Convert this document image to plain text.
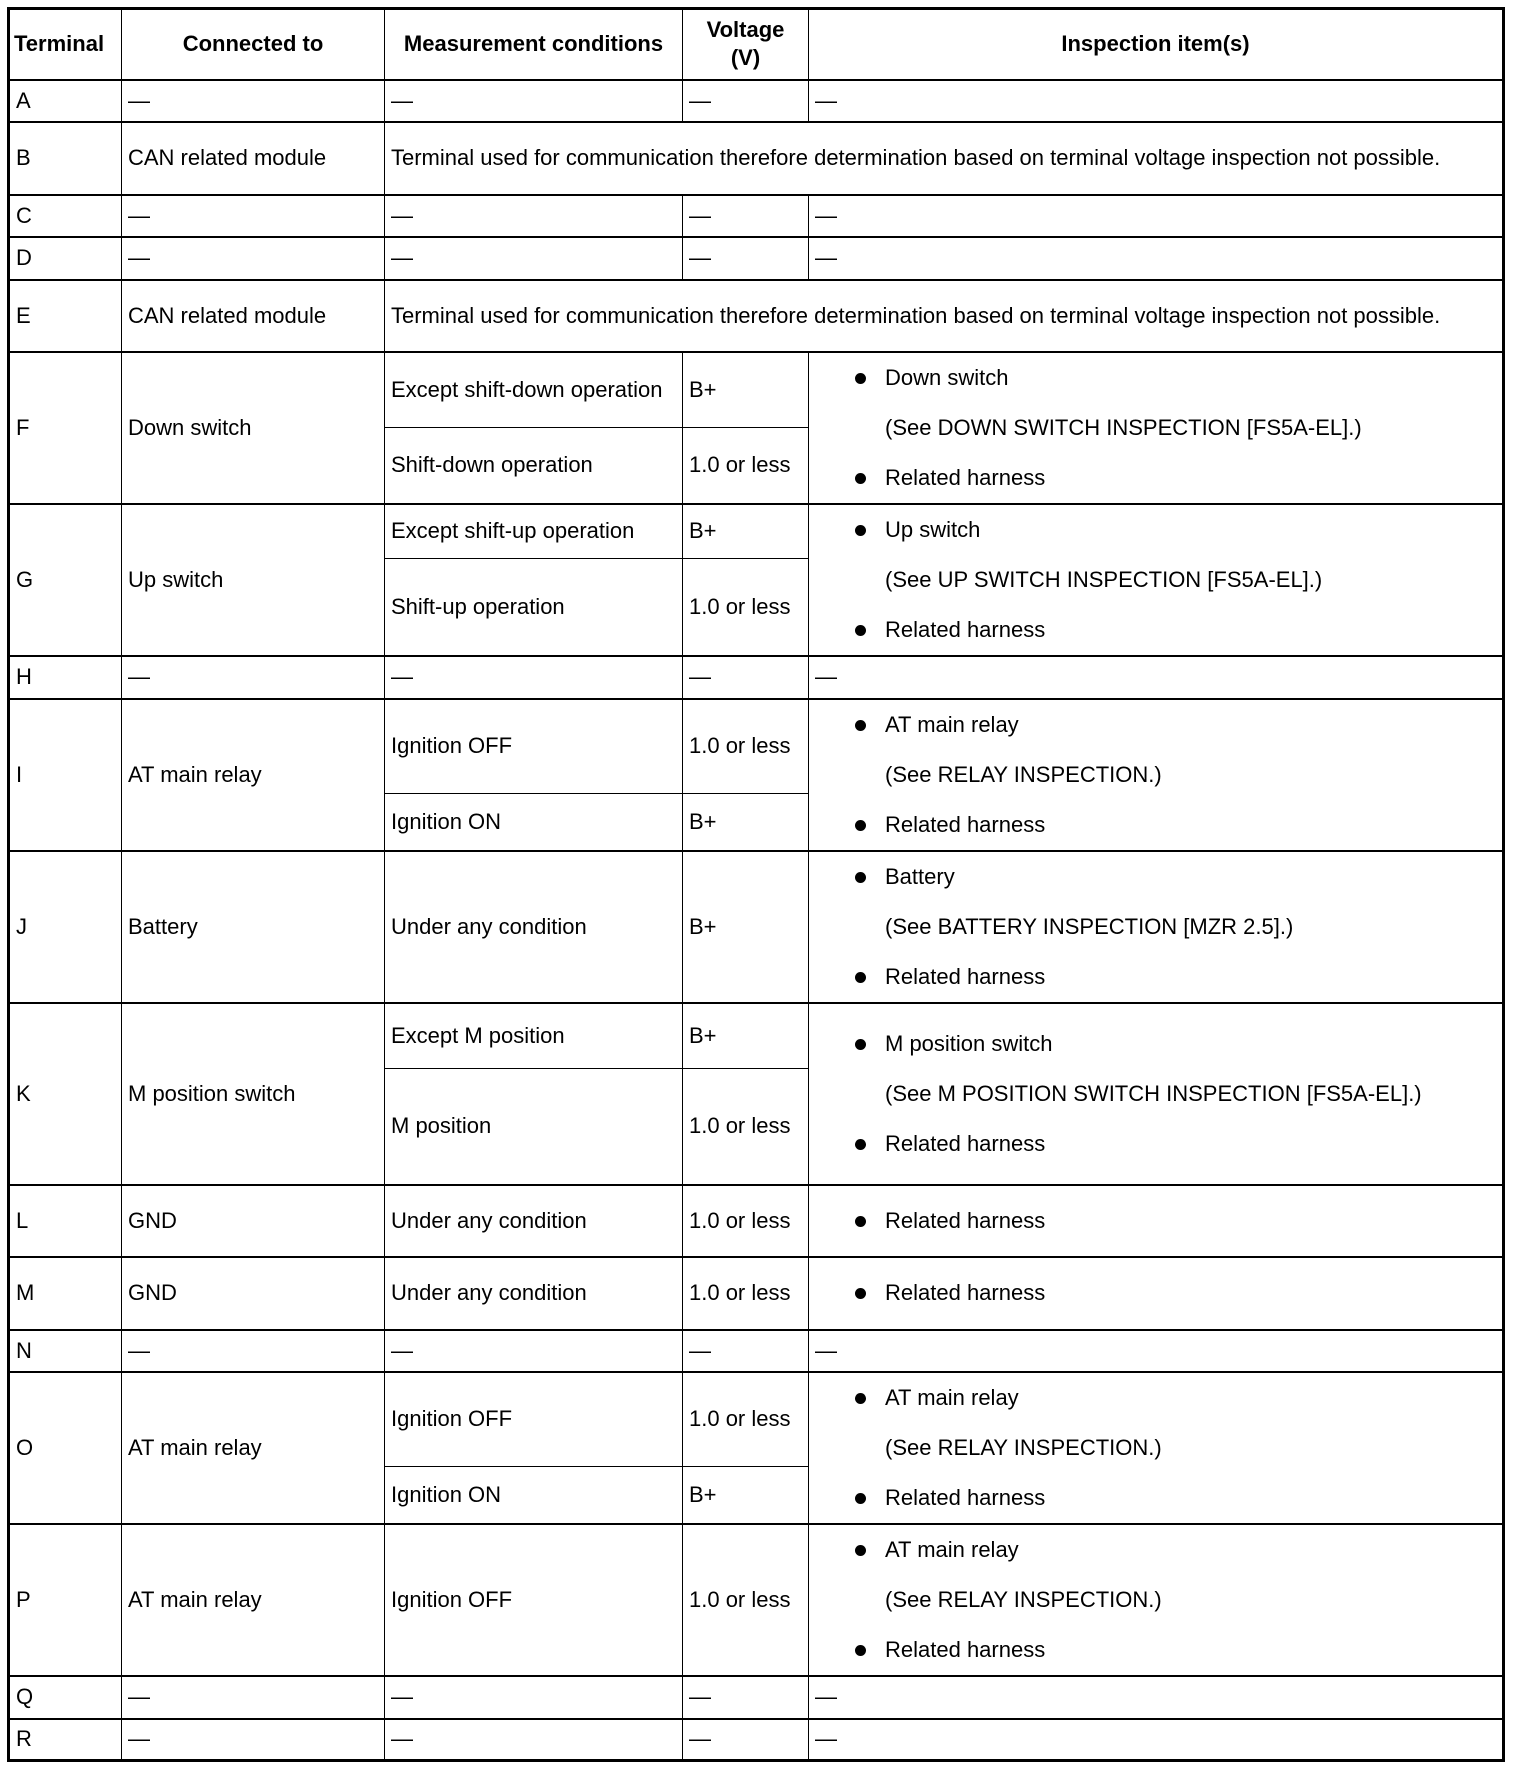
Terminal	Connected to	Measurement conditions	Voltage (V)	Inspection item(s)
A	—	—	—	—
B	CAN related module	Terminal used for communication therefore determination based on terminal voltage inspection not possible.		
C	—	—	—	—
D	—	—	—	—
E	CAN related module	Terminal used for communication therefore determination based on terminal voltage inspection not possible.		
F	Down switch	Except shift-down operation	B+	Down switch
(See DOWN SWITCH INSPECTION [FS5A-EL].)
Related harness

		Shift-down operation	1.0 or less	
G	Up switch	Except shift-up operation	B+	Up switch
(See UP SWITCH INSPECTION [FS5A-EL].)
Related harness

		Shift-up operation	1.0 or less	
H	—	—	—	—
I	AT main relay	Ignition OFF	1.0 or less	AT main relay
(See RELAY INSPECTION.)
Related harness

		Ignition ON	B+	
J	Battery	Under any condition	B+	Battery
(See BATTERY INSPECTION [MZR 2.5].)
Related harness

K	M position switch	Except M position	B+	M position switch
(See M POSITION SWITCH INSPECTION [FS5A-EL].)
Related harness

		M position	1.0 or less	
L	GND	Under any condition	1.0 or less	Related harness

M	GND	Under any condition	1.0 or less	Related harness

N	—	—	—	—
O	AT main relay	Ignition OFF	1.0 or less	AT main relay
(See RELAY INSPECTION.)
Related harness

		Ignition ON	B+	
P	AT main relay	Ignition OFF	1.0 or less	AT main relay
(See RELAY INSPECTION.)
Related harness

Q	—	—	—	—
R	—	—	—	—
